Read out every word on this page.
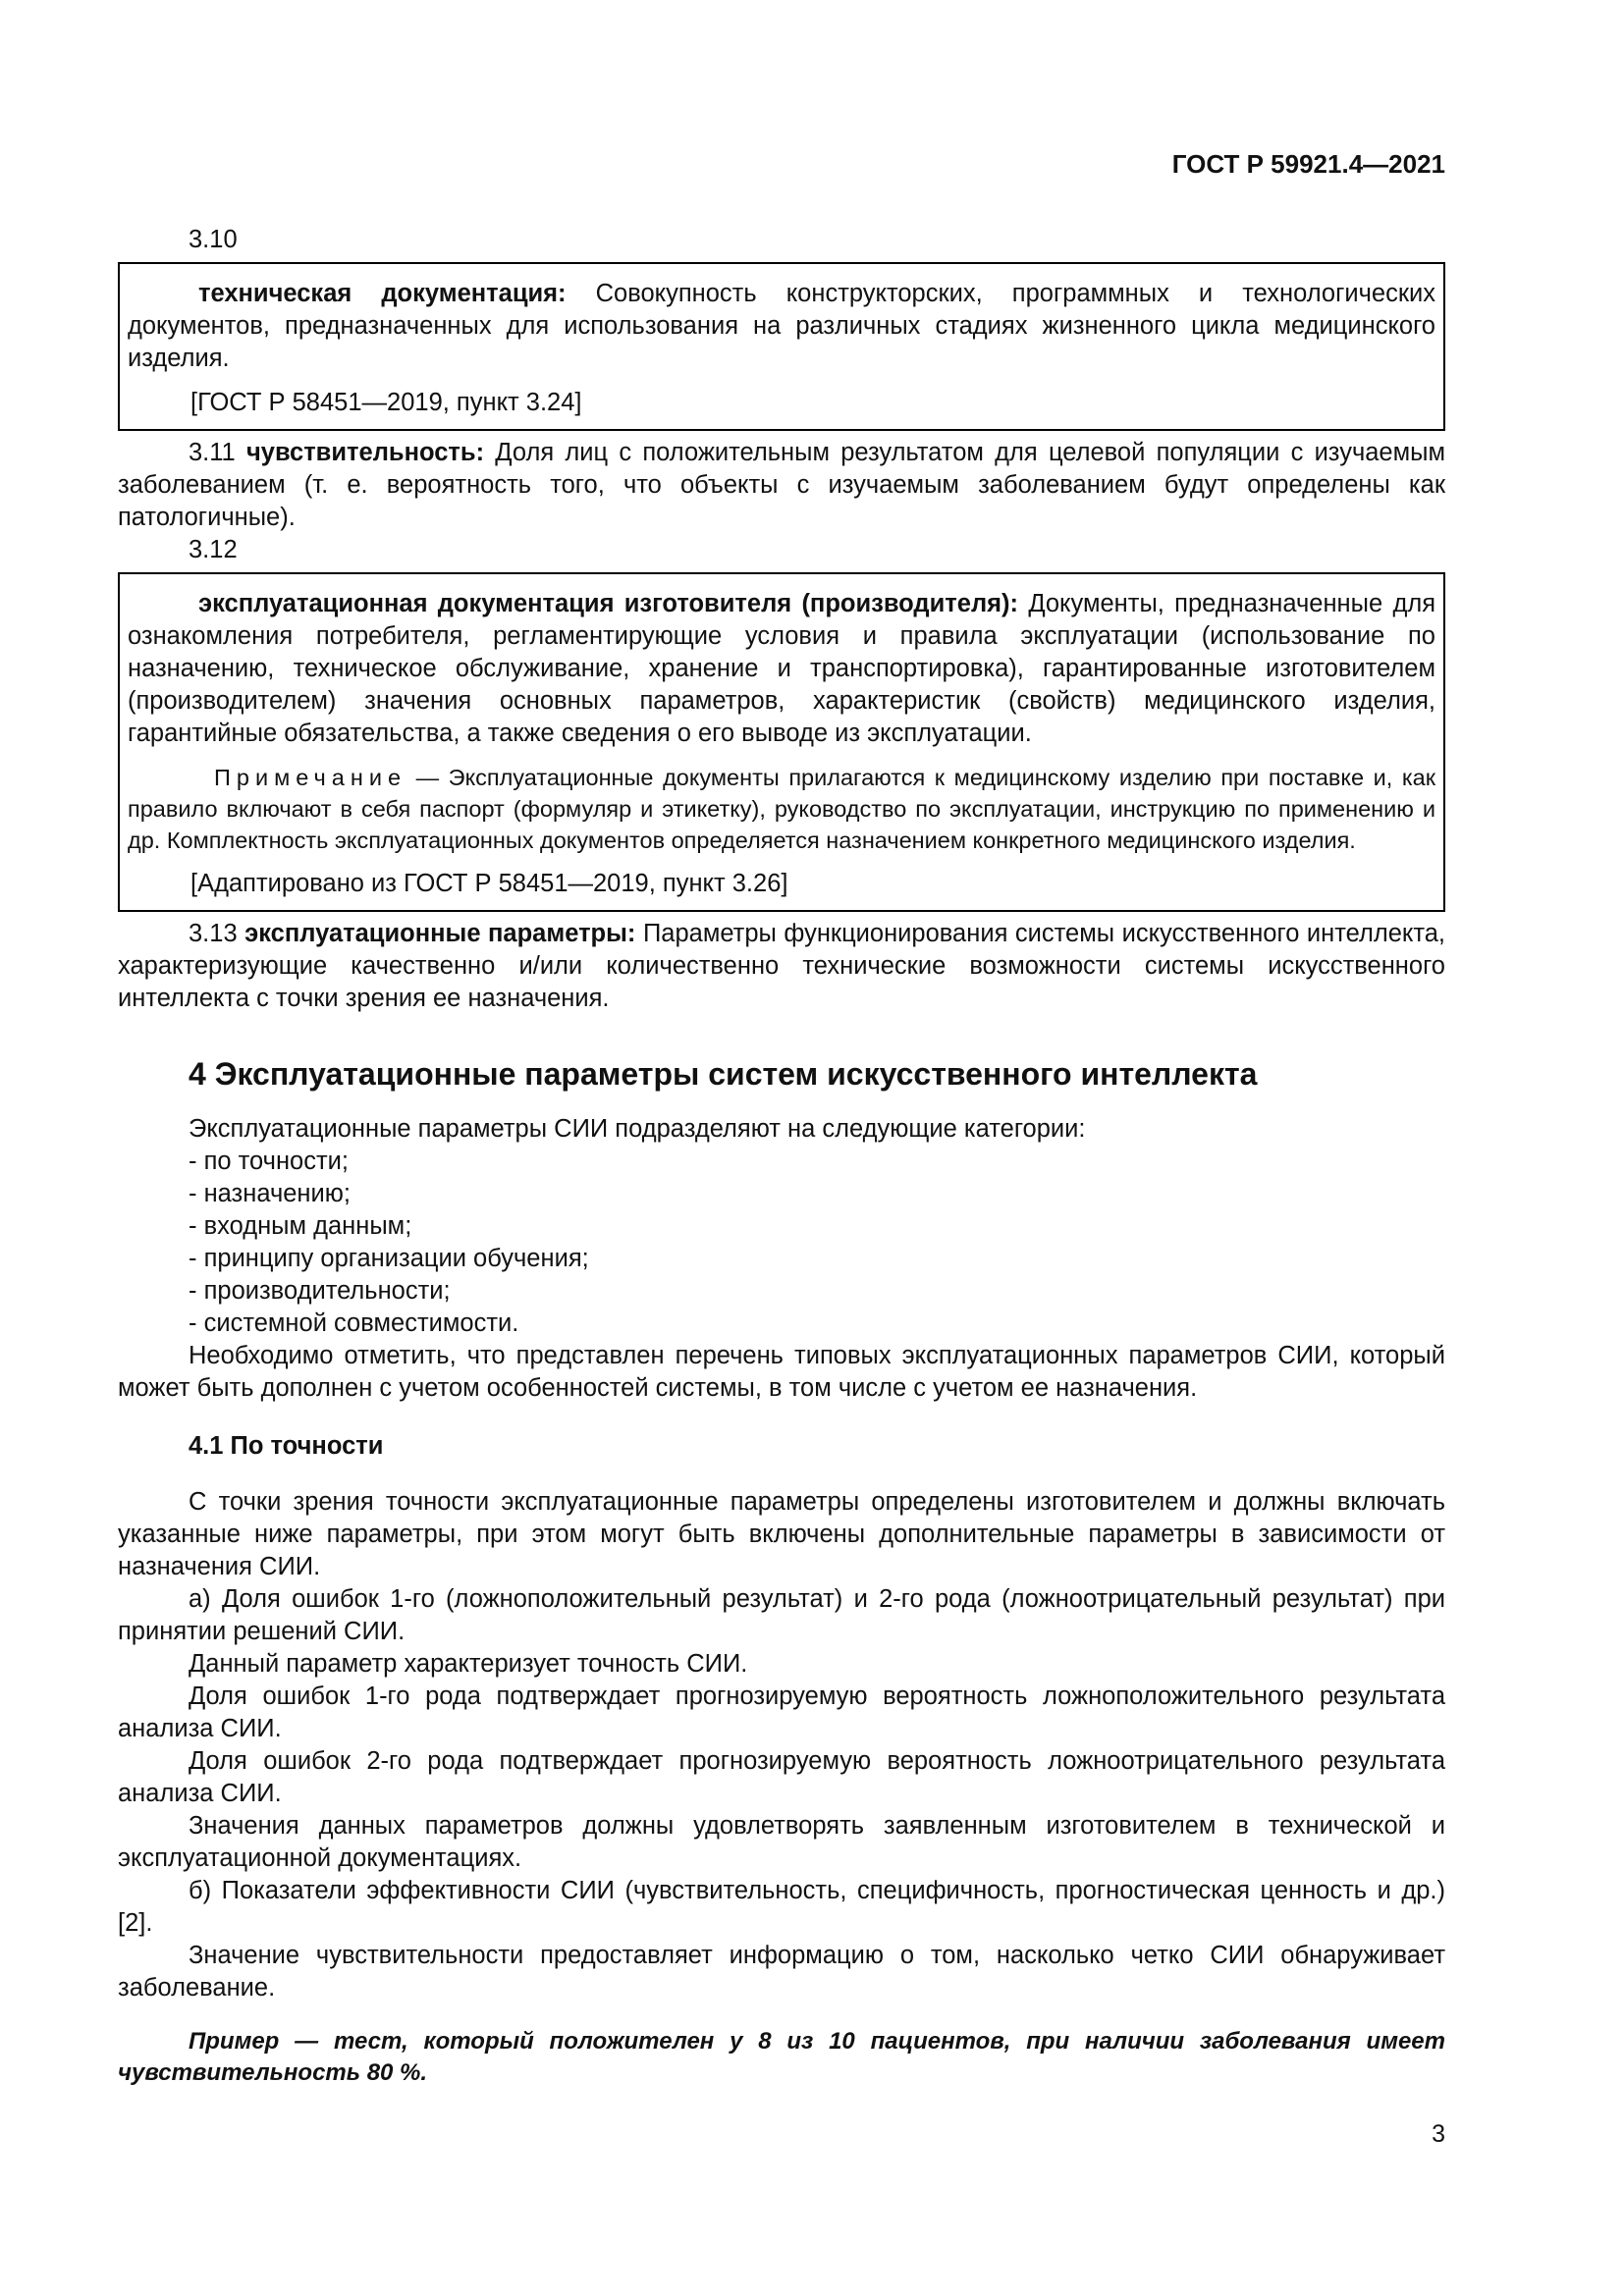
ГОСТ Р 59921.4—2021

3.10

техническая документация: Совокупность конструкторских, программных и технологических документов, предназначенных для использования на различных стадиях жизненного цикла медицинского изделия.

[ГОСТ Р 58451—2019, пункт 3.24]

3.11 чувствительность: Доля лиц с положительным результатом для целевой популяции с изучаемым заболеванием (т. е. вероятность того, что объекты с изучаемым заболеванием будут определены как патологичные).

3.12

эксплуатационная документация изготовителя (производителя): Документы, предназначенные для ознакомления потребителя, регламентирующие условия и правила эксплуатации (использование по назначению, техническое обслуживание, хранение и транспортировка), гарантированные изготовителем (производителем) значения основных параметров, характеристик (свойств) медицинского изделия, гарантийные обязательства, а также сведения о его выводе из эксплуатации.

Примечание — Эксплуатационные документы прилагаются к медицинскому изделию при поставке и, как правило включают в себя паспорт (формуляр и этикетку), руководство по эксплуатации, инструкцию по применению и др. Комплектность эксплуатационных документов определяется назначением конкретного медицинского изделия.

[Адаптировано из ГОСТ Р 58451—2019, пункт 3.26]

3.13 эксплуатационные параметры: Параметры функционирования системы искусственного интеллекта, характеризующие качественно и/или количественно технические возможности системы искусственного интеллекта с точки зрения ее назначения.

4 Эксплуатационные параметры систем искусственного интеллекта

Эксплуатационные параметры СИИ подразделяют на следующие категории:

- по точности;

- назначению;

- входным данным;

- принципу организации обучения;

- производительности;

- системной совместимости.

Необходимо отметить, что представлен перечень типовых эксплуатационных параметров СИИ, который может быть дополнен с учетом особенностей системы, в том числе с учетом ее назначения.

4.1 По точности

С точки зрения точности эксплуатационные параметры определены изготовителем и должны включать указанные ниже параметры, при этом могут быть включены дополнительные параметры в зависимости от назначения СИИ.

а) Доля ошибок 1-го (ложноположительный результат) и 2-го рода (ложноотрицательный результат) при принятии решений СИИ.

Данный параметр характеризует точность СИИ.

Доля ошибок 1-го рода подтверждает прогнозируемую вероятность ложноположительного результата анализа СИИ.

Доля ошибок 2-го рода подтверждает прогнозируемую вероятность ложноотрицательного результата анализа СИИ.

Значения данных параметров должны удовлетворять заявленным изготовителем в технической и эксплуатационной документациях.

б) Показатели эффективности СИИ (чувствительность, специфичность, прогностическая ценность и др.) [2].

Значение чувствительности предоставляет информацию о том, насколько четко СИИ обнаруживает заболевание.

Пример — тест, который положителен у 8 из 10 пациентов, при наличии заболевания имеет чувствительность 80 %.

3
